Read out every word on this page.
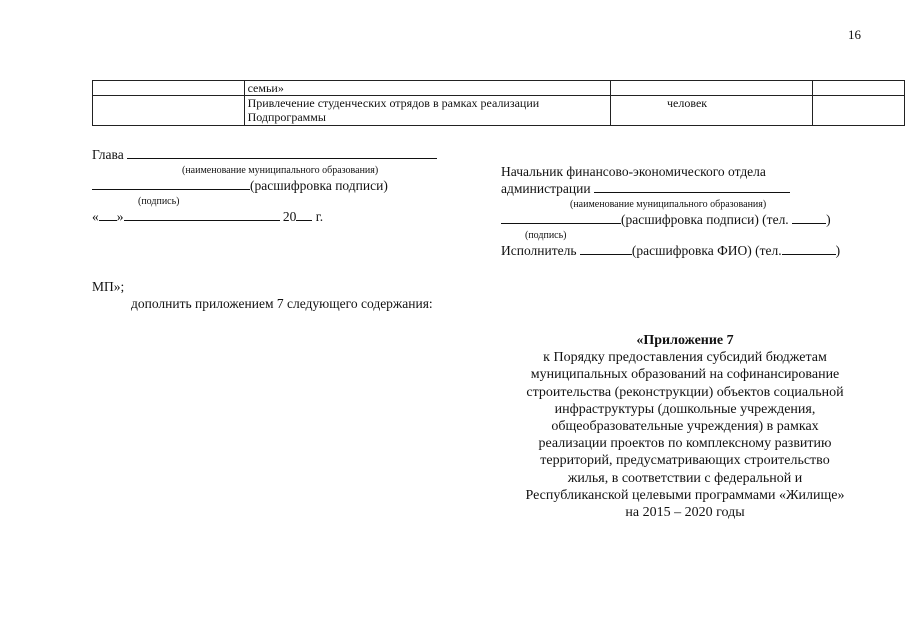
16
	семьи»		

	Привлечение студенческих отрядов в рамках реализации
Подпрограммы	человек	
Глава
(наименование муниципального образования)
(расшифровка подписи)
(подпись)
« »	20 г.
Начальник финансово-экономического отдела
администрации
(наименование муниципального образования)
(расшифровка подписи) (тел.	)
(подпись)
Исполнитель	(расшифровка ФИО) (тел.	)
МП»;
дополнить приложением 7 следующего содержания:
«Приложение 7
к Порядку предоставления субсидий бюджетам
муниципальных образований на софинансирование
строительства (реконструкции) объектов социальной
инфраструктуры (дошкольные учреждения,
общеобразовательные учреждения) в рамках
реализации проектов по комплексному развитию
территорий, предусматривающих строительство
жилья, в соответствии с федеральной и
Республиканской целевыми программами «Жилище»
на 2015 – 2020 годы
